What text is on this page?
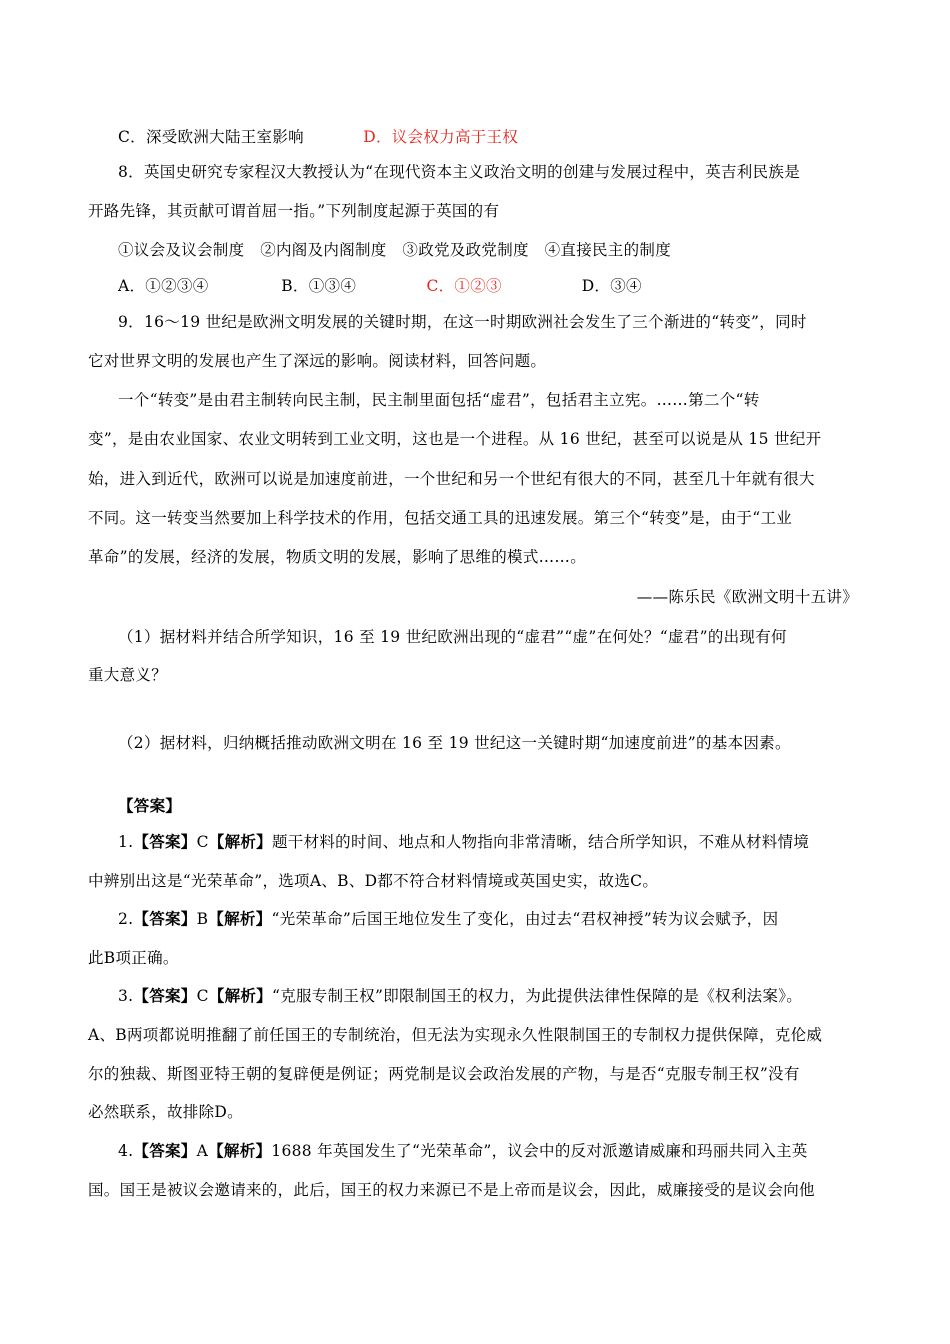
C．深受欧洲大陆王室影响	D．议会权力高于王权
8．英国史研究专家程汉大教授认为“在现代资本主义政治文明的创建与发展过程中，英吉利民族是
开路先锋，其贡献可谓首屈一指。”下列制度起源于英国的有
①议会及议会制度　②内阁及内阁制度　③政党及政党制度　④直接民主的制度
A．①②③④	B．①③④	C．①②③	D．③④
9．16～19 世纪是欧洲文明发展的关键时期，在这一时期欧洲社会发生了三个渐进的“转变”，同时
它对世界文明的发展也产生了深远的影响。阅读材料，回答问题。
一个“转变”是由君主制转向民主制，民主制里面包括“虚君”，包括君主立宪。……第二个“转
变”，是由农业国家、农业文明转到工业文明，这也是一个进程。从 16 世纪，甚至可以说是从 15 世纪开
始，进入到近代，欧洲可以说是加速度前进，一个世纪和另一个世纪有很大的不同，甚至几十年就有很大
不同。这一转变当然要加上科学技术的作用，包括交通工具的迅速发展。第三个“转变”是，由于“工业
革命”的发展，经济的发展，物质文明的发展，影响了思维的模式……。
——陈乐民《欧洲文明十五讲》
（1）据材料并结合所学知识，16 至 19 世纪欧洲出现的“虚君”“虚”在何处？“虚君”的出现有何
重大意义？
（2）据材料，归纳概括推动欧洲文明在 16 至 19 世纪这一关键时期“加速度前进”的基本因素。
【答案】
1.【答案】C【解析】题干材料的时间、地点和人物指向非常清晰，结合所学知识，不难从材料情境
中辨别出这是“光荣革命”，选项A、B、D都不符合材料情境或英国史实，故选C。
2.【答案】B【解析】“光荣革命”后国王地位发生了变化，由过去“君权神授”转为议会赋予，因
此B项正确。
3.【答案】C【解析】“克服专制王权”即限制国王的权力，为此提供法律性保障的是《权利法案》。
A、B两项都说明推翻了前任国王的专制统治，但无法为实现永久性限制国王的专制权力提供保障，克伦威
尔的独裁、斯图亚特王朝的复辟便是例证；两党制是议会政治发展的产物，与是否“克服专制王权”没有
必然联系，故排除D。
4.【答案】A【解析】1688 年英国发生了“光荣革命”，议会中的反对派邀请威廉和玛丽共同入主英
国。国王是被议会邀请来的，此后，国王的权力来源已不是上帝而是议会，因此，威廉接受的是议会向他
